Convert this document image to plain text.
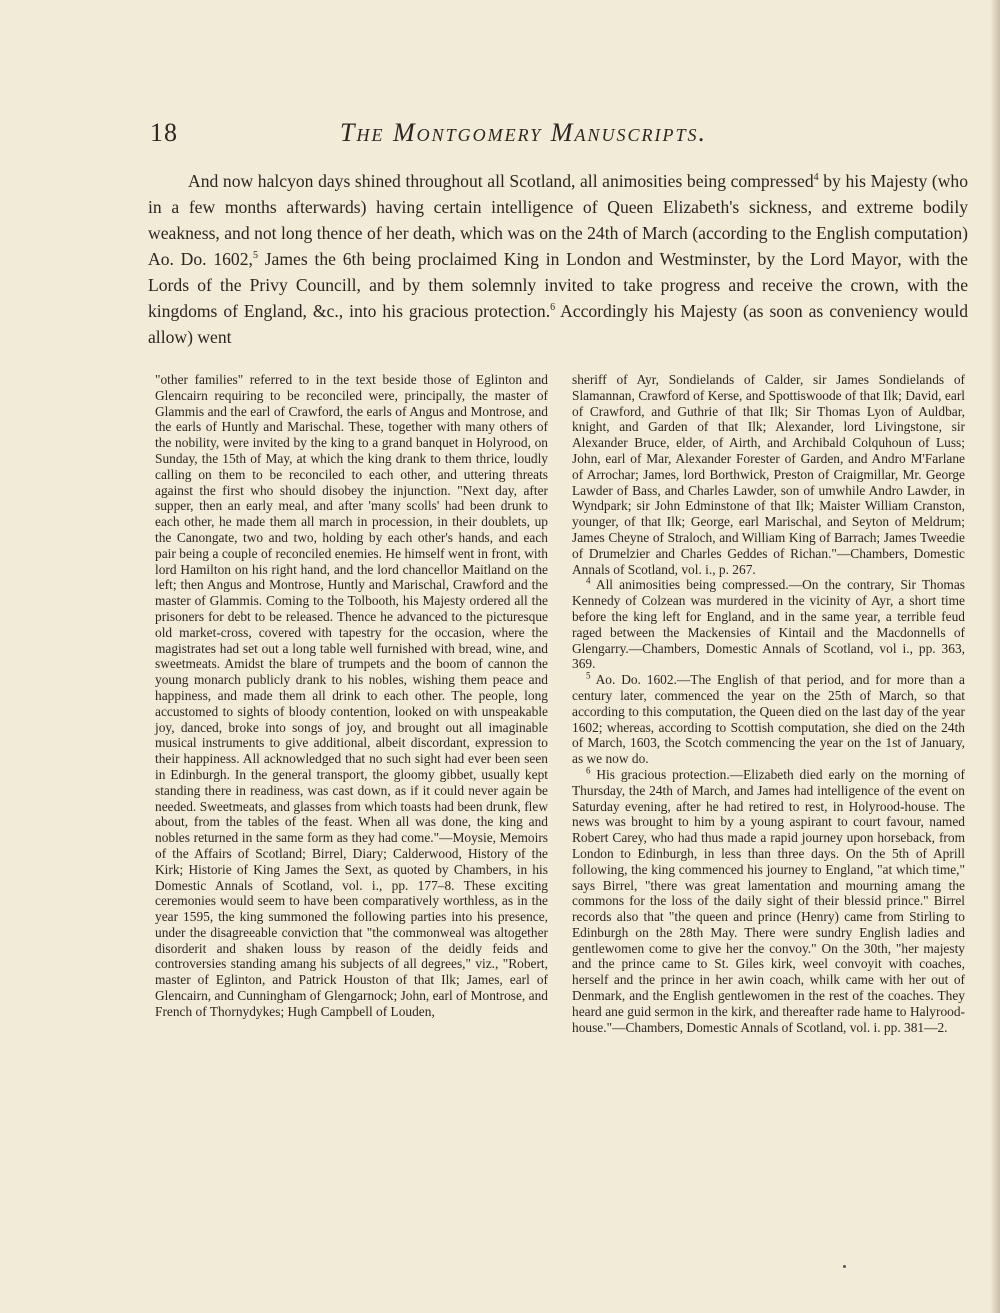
18	The Montgomery Manuscripts.

And now halcyon days shined throughout all Scotland, all animosities being compressed$^4$ by his Majesty (who in a few months afterwards) having certain intelligence of Queen Elizabeth's sickness, and extreme bodily weakness, and not long thence of her death, which was on the 24th of March (according to the English computation) Ao. Do. 1602,$^5$ James the 6th being proclaimed King in London and Westminster, by the Lord Mayor, with the Lords of the Privy Councill, and by them solemnly invited to take progress and receive the crown, with the kingdoms of England, &c., into his gracious protection.$^6$ Accordingly his Majesty (as soon as conveniency would allow) went

"other families" referred to in the text beside those of Eglinton and Glencairn requiring to be reconciled were, principally, the master of Glammis and the earl of Crawford, the earls of Angus and Montrose, and the earls of Huntly and Marischal. These, together with many others of the nobility, were invited by the king to a grand banquet in Holyrood, on Sunday, the 15th of May, at which the king drank to them thrice, loudly calling on them to be reconciled to each other, and uttering threats against the first who should disobey the injunction. "Next day, after supper, then an early meal, and after 'many scolls' had been drunk to each other, he made them all march in procession, in their doublets, up the Canongate, two and two, holding by each other's hands, and each pair being a couple of reconciled enemies. He himself went in front, with lord Hamilton on his right hand, and the lord chancellor Maitland on the left; then Angus and Montrose, Huntly and Marischal, Crawford and the master of Glammis. Coming to the Tolbooth, his Majesty ordered all the prisoners for debt to be released. Thence he advanced to the picturesque old market-cross, covered with tapestry for the occasion, where the magistrates had set out a long table well furnished with bread, wine, and sweetmeats. Amidst the blare of trumpets and the boom of cannon the young monarch publicly drank to his nobles, wishing them peace and happiness, and made them all drink to each other. The people, long accustomed to sights of bloody contention, looked on with unspeakable joy, danced, broke into songs of joy, and brought out all imaginable musical instruments to give additional, albeit discordant, expression to their happiness. All acknowledged that no such sight had ever been seen in Edinburgh. In the general transport, the gloomy gibbet, usually kept standing there in readiness, was cast down, as if it could never again be needed. Sweetmeats, and glasses from which toasts had been drunk, flew about, from the tables of the feast. When all was done, the king and nobles returned in the same form as they had come."—Moysie, Memoirs of the Affairs of Scotland; Birrel, Diary; Calderwood, History of the Kirk; Historie of King James the Sext, as quoted by Chambers, in his Domestic Annals of Scotland, vol. i., pp. 177–8. These exciting ceremonies would seem to have been comparatively worthless, as in the year 1595, the king summoned the following parties into his presence, under the disagreeable conviction that "the commonweal was altogether disorderit and shaken louss by reason of the deidly feids and controversies standing amang his subjects of all degrees," viz., "Robert, master of Eglinton, and Patrick Houston of that Ilk; James, earl of Glencairn, and Cunningham of Glengarnock; John, earl of Montrose, and French of Thornydykes; Hugh Campbell of Louden,

sheriff of Ayr, Sondielands of Calder, sir James Sondielands of Slamannan, Crawford of Kerse, and Spottiswoode of that Ilk; David, earl of Crawford, and Guthrie of that Ilk; Sir Thomas Lyon of Auldbar, knight, and Garden of that Ilk; Alexander, lord Livingstone, sir Alexander Bruce, elder, of Airth, and Archibald Colquhoun of Luss; John, earl of Mar, Alexander Forester of Garden, and Andro M'Farlane of Arrochar; James, lord Borthwick, Preston of Craigmillar, Mr. George Lawder of Bass, and Charles Lawder, son of umwhile Andro Lawder, in Wyndpark; sir John Edminstone of that Ilk; Maister William Cranston, younger, of that Ilk; George, earl Marischal, and Seyton of Meldrum; James Cheyne of Straloch, and William King of Barrach; James Tweedie of Drumelzier and Charles Geddes of Richan."—Chambers, Domestic Annals of Scotland, vol. i., p. 267.

$^4$ All animosities being compressed.—On the contrary, Sir Thomas Kennedy of Colzean was murdered in the vicinity of Ayr, a short time before the king left for England, and in the same year, a terrible feud raged between the Mackensies of Kintail and the Macdonnells of Glengarry.—Chambers, Domestic Annals of Scotland, vol i., pp. 363, 369.

$^5$ Ao. Do. 1602.—The English of that period, and for more than a century later, commenced the year on the 25th of March, so that according to this computation, the Queen died on the last day of the year 1602; whereas, according to Scottish computation, she died on the 24th of March, 1603, the Scotch commencing the year on the 1st of January, as we now do.

$^6$ His gracious protection.—Elizabeth died early on the morning of Thursday, the 24th of March, and James had intelligence of the event on Saturday evening, after he had retired to rest, in Holyrood-house. The news was brought to him by a young aspirant to court favour, named Robert Carey, who had thus made a rapid journey upon horseback, from London to Edinburgh, in less than three days. On the 5th of Aprill following, the king commenced his journey to England, "at which time," says Birrel, "there was great lamentation and mourning amang the commons for the loss of the daily sight of their blessid prince." Birrel records also that "the queen and prince (Henry) came from Stirling to Edinburgh on the 28th May. There were sundry English ladies and gentlewomen come to give her the convoy." On the 30th, "her majesty and the prince came to St. Giles kirk, weel convoyit with coaches, herself and the prince in her awin coach, whilk came with her out of Denmark, and the English gentlewomen in the rest of the coaches. They heard ane guid sermon in the kirk, and thereafter rade hame to Halyrood-house."—Chambers, Domestic Annals of Scotland, vol. i. pp. 381—2.
